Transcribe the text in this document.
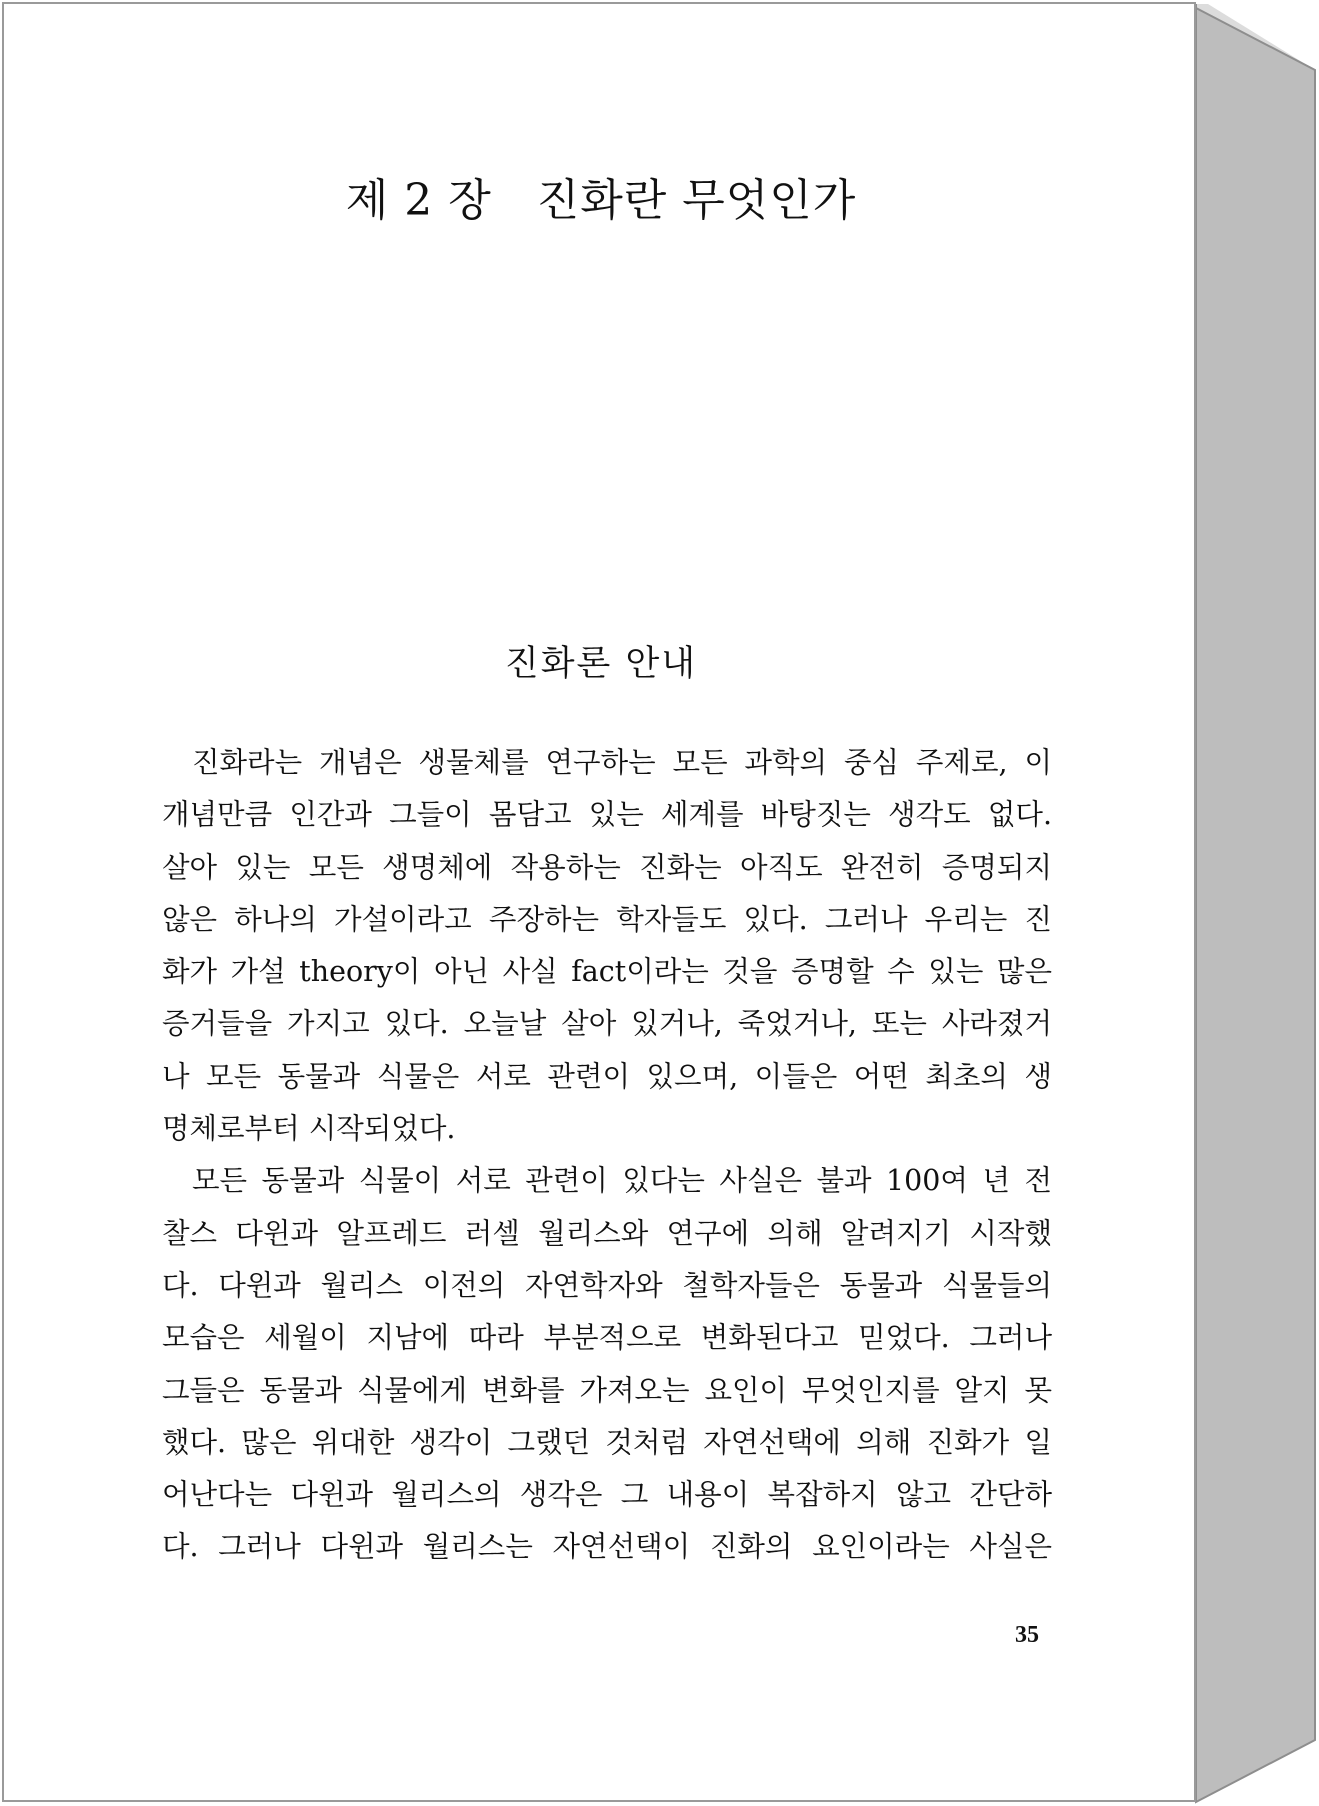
제 2 장   진화란 무엇인가
진화론 안내
진화라는 개념은 생물체를 연구하는 모든 과학의 중심 주제로, 이
개념만큼 인간과 그들이 몸담고 있는 세계를 바탕짓는 생각도 없다.
살아 있는 모든 생명체에 작용하는 진화는 아직도 완전히 증명되지
않은 하나의 가설이라고 주장하는 학자들도 있다. 그러나 우리는 진
화가 가설 theory이 아닌 사실 fact이라는 것을 증명할 수 있는 많은
증거들을 가지고 있다. 오늘날 살아 있거나, 죽었거나, 또는 사라졌거
나 모든 동물과 식물은 서로 관련이 있으며, 이들은 어떤 최초의 생
명체로부터 시작되었다.
모든 동물과 식물이 서로 관련이 있다는 사실은 불과 100여 년 전
찰스 다윈과 알프레드 러셀 월리스와 연구에 의해 알려지기 시작했
다. 다윈과 월리스 이전의 자연학자와 철학자들은 동물과 식물들의
모습은 세월이 지남에 따라 부분적으로 변화된다고 믿었다. 그러나
그들은 동물과 식물에게 변화를 가져오는 요인이 무엇인지를 알지 못
했다. 많은 위대한 생각이 그랬던 것처럼 자연선택에 의해 진화가 일
어난다는 다윈과 월리스의 생각은 그 내용이 복잡하지 않고 간단하
다. 그러나 다윈과 월리스는 자연선택이 진화의 요인이라는 사실은
35
